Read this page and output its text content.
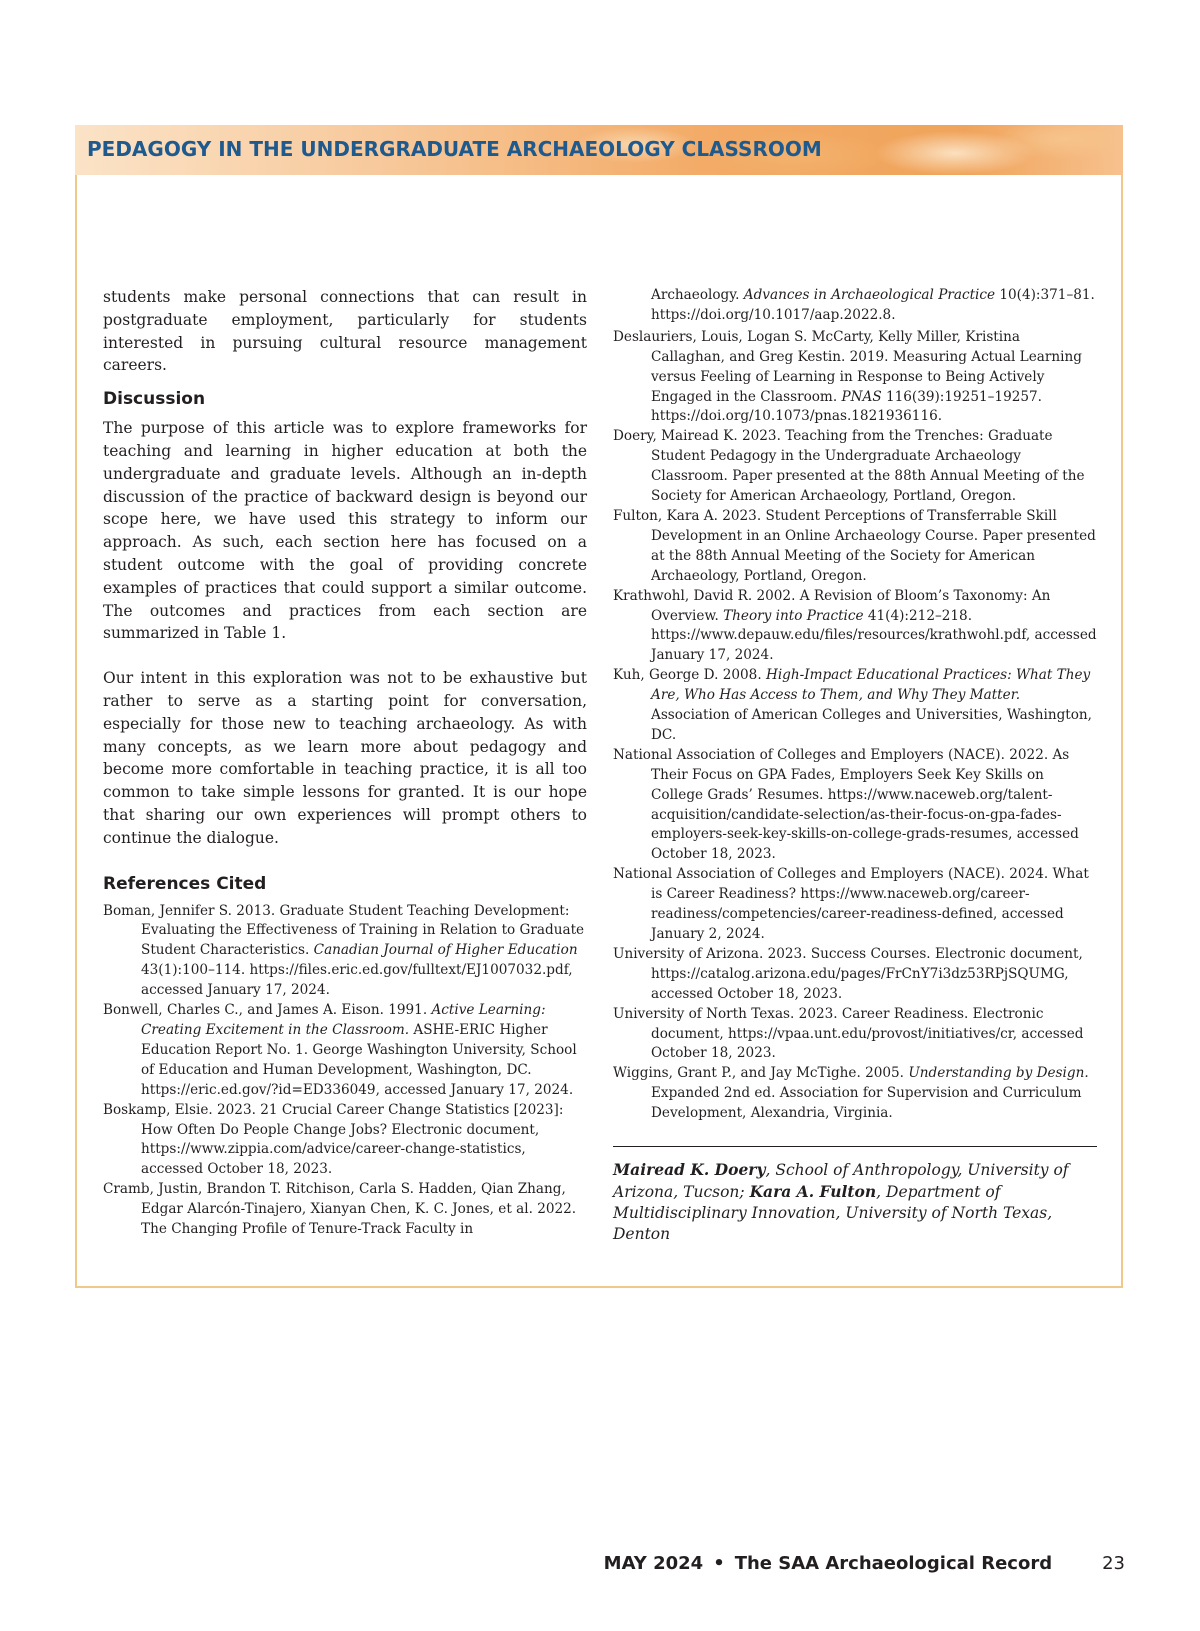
PEDAGOGY IN THE UNDERGRADUATE ARCHAEOLOGY CLASSROOM

students make personal connections that can result in postgraduate employment, particularly for students interested in pursuing cultural resource management careers.

Discussion

The purpose of this article was to explore frameworks for teaching and learning in higher education at both the undergraduate and graduate levels. Although an in-depth discussion of the practice of backward design is beyond our scope here, we have used this strategy to inform our approach. As such, each section here has focused on a student outcome with the goal of providing concrete examples of practices that could support a similar outcome. The outcomes and practices from each section are summarized in Table 1.

Our intent in this exploration was not to be exhaustive but rather to serve as a starting point for conversation, especially for those new to teaching archaeology. As with many concepts, as we learn more about pedagogy and become more comfortable in teaching practice, it is all too common to take simple lessons for granted. It is our hope that sharing our own experiences will prompt others to continue the dialogue.

References Cited

Boman, Jennifer S. 2013. Graduate Student Teaching Development: Evaluating the Effectiveness of Training in Relation to Graduate Student Characteristics. Canadian Journal of Higher Education 43(1):100–114. https://files.eric.ed.gov/fulltext/EJ1007032.pdf, accessed January 17, 2024.

Bonwell, Charles C., and James A. Eison. 1991. Active Learning: Creating Excitement in the Classroom. ASHE-ERIC Higher Education Report No. 1. George Washington University, School of Education and Human Development, Washington, DC. https://eric.ed.gov/?id=ED336049, accessed January 17, 2024.

Boskamp, Elsie. 2023. 21 Crucial Career Change Statistics [2023]: How Often Do People Change Jobs? Electronic document, https://www.zippia.com/advice/career-change-statistics, accessed October 18, 2023.

Cramb, Justin, Brandon T. Ritchison, Carla S. Hadden, Qian Zhang, Edgar Alarcón-Tinajero, Xianyan Chen, K. C. Jones, et al. 2022. The Changing Profile of Tenure-Track Faculty in

Archaeology. Advances in Archaeological Practice 10(4):371–81. https://doi.org/10.1017/aap.2022.8.

Deslauriers, Louis, Logan S. McCarty, Kelly Miller, Kristina Callaghan, and Greg Kestin. 2019. Measuring Actual Learning versus Feeling of Learning in Response to Being Actively Engaged in the Classroom. PNAS 116(39):19251–19257. https://doi.org/10.1073/pnas.1821936116.

Doery, Mairead K. 2023. Teaching from the Trenches: Graduate Student Pedagogy in the Undergraduate Archaeology Classroom. Paper presented at the 88th Annual Meeting of the Society for American Archaeology, Portland, Oregon.

Fulton, Kara A. 2023. Student Perceptions of Transferrable Skill Development in an Online Archaeology Course. Paper presented at the 88th Annual Meeting of the Society for American Archaeology, Portland, Oregon.

Krathwohl, David R. 2002. A Revision of Bloom’s Taxonomy: An Overview. Theory into Practice 41(4):212–218. https://www.depauw.edu/files/resources/krathwohl.pdf, accessed January 17, 2024.

Kuh, George D. 2008. High-Impact Educational Practices: What They Are, Who Has Access to Them, and Why They Matter. Association of American Colleges and Universities, Washington, DC.

National Association of Colleges and Employers (NACE). 2022. As Their Focus on GPA Fades, Employers Seek Key Skills on College Grads’ Resumes. https://www.naceweb.org/talent-acquisition/candidate-selection/as-their-focus-on-gpa-fades-employers-seek-key-skills-on-college-grads-resumes, accessed October 18, 2023.

National Association of Colleges and Employers (NACE). 2024. What is Career Readiness? https://www.naceweb.org/career-readiness/competencies/career-readiness-defined, accessed January 2, 2024.

University of Arizona. 2023. Success Courses. Electronic document, https://catalog.arizona.edu/pages/FrCnY7i3dz53RPjSQUMG, accessed October 18, 2023.

University of North Texas. 2023. Career Readiness. Electronic document, https://vpaa.unt.edu/provost/initiatives/cr, accessed October 18, 2023.

Wiggins, Grant P., and Jay McTighe. 2005. Understanding by Design. Expanded 2nd ed. Association for Supervision and Curriculum Development, Alexandria, Virginia.

Mairead K. Doery, School of Anthropology, University of Arizona, Tucson; Kara A. Fulton, Department of Multidisciplinary Innovation, University of North Texas, Denton
MAY 2024 • The SAA Archaeological Record	23
